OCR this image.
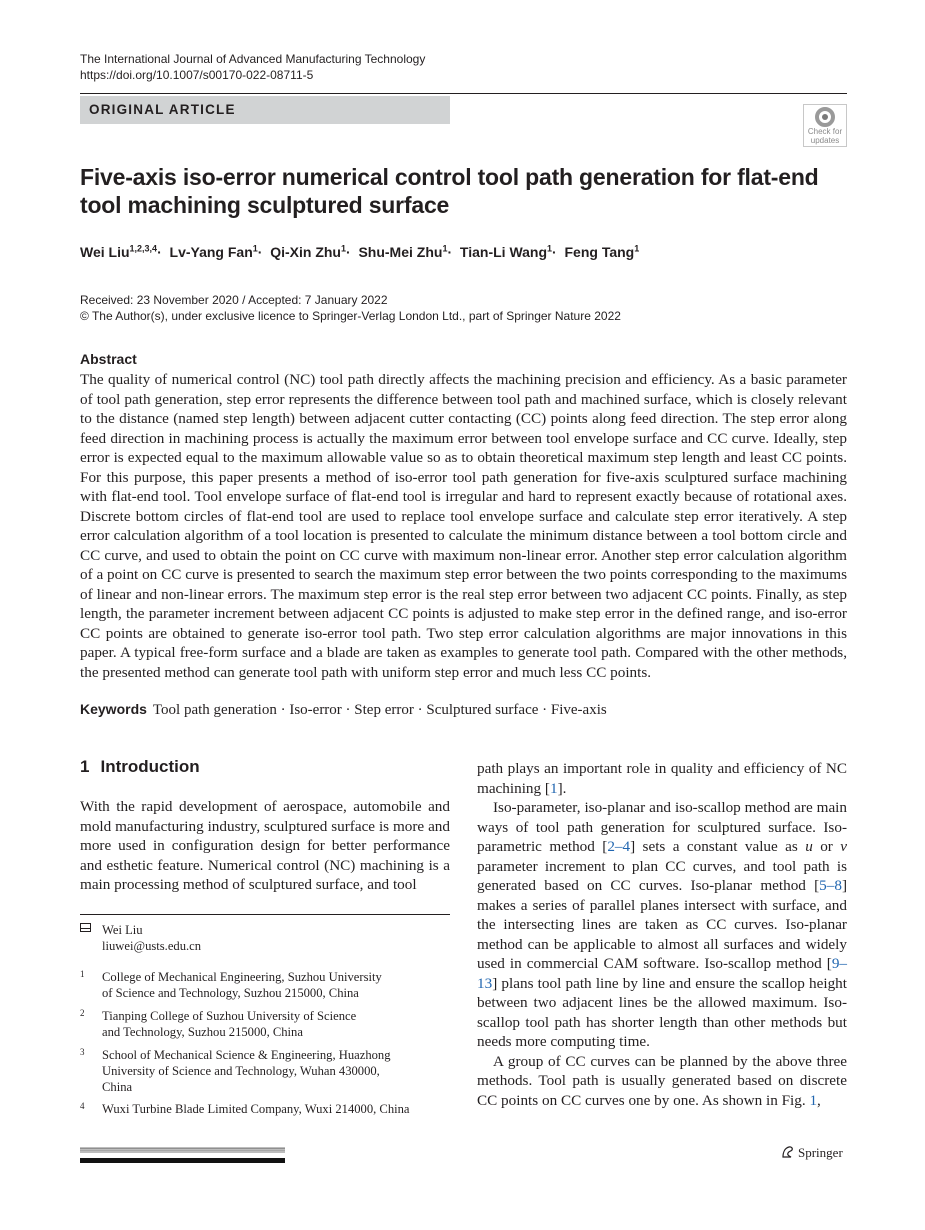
The International Journal of Advanced Manufacturing Technology
https://doi.org/10.1007/s00170-022-08711-5
ORIGINAL ARTICLE
Check for
updates
Five-axis iso-error numerical control tool path generation for flat-end tool machining sculptured surface
Wei Liu$^{1,2,3,4}$·  Lv-Yang Fan$^1$·  Qi-Xin Zhu$^1$·  Shu-Mei Zhu$^1$·  Tian-Li Wang$^1$·  Feng Tang$^1$
Received: 23 November 2020 / Accepted: 7 January 2022
© The Author(s), under exclusive licence to Springer-Verlag London Ltd., part of Springer Nature 2022
Abstract
The quality of numerical control (NC) tool path directly affects the machining precision and efficiency. As a basic parameter of tool path generation, step error represents the difference between tool path and machined surface, which is closely relevant to the distance (named step length) between adjacent cutter contacting (CC) points along feed direction. The step error along feed direction in machining process is actually the maximum error between tool envelope surface and CC curve. Ideally, step error is expected equal to the maximum allowable value so as to obtain theoretical maximum step length and least CC points. For this purpose, this paper presents a method of iso-error tool path generation for five-axis sculptured surface machining with flat-end tool. Tool envelope surface of flat-end tool is irregular and hard to represent exactly because of rotational axes. Discrete bottom circles of flat-end tool are used to replace tool envelope surface and calculate step error iteratively. A step error calculation algorithm of a tool location is presented to calculate the minimum distance between a tool bottom circle and CC curve, and used to obtain the point on CC curve with maximum non-linear error. Another step error calculation algorithm of a point on CC curve is presented to search the maximum step error between the two points corresponding to the maximums of linear and non-linear errors. The maximum step error is the real step error between two adjacent CC points. Finally, as step length, the parameter increment between adjacent CC points is adjusted to make step error in the defined range, and iso-error CC points are obtained to generate iso-error tool path. Two step error calculation algorithms are major innovations in this paper. A typical free-form surface and a blade are taken as examples to generate tool path. Compared with the other methods, the presented method can generate tool path with uniform step error and much less CC points.
Keywords Tool path generation · Iso-error · Step error · Sculptured surface · Five-axis
1 Introduction
With the rapid development of aerospace, automobile and mold manufacturing industry, sculptured surface is more and more used in configuration design for better performance and esthetic feature. Numerical control (NC) machining is a main processing method of sculptured surface, and tool

path plays an important role in quality and efficiency of NC machining [1].

Iso-parameter, iso-planar and iso-scallop method are main ways of tool path generation for sculptured surface. Iso-parametric method [2–4] sets a constant value as u or v parameter increment to plan CC curves, and tool path is generated based on CC curves. Iso-planar method [5–8] makes a series of parallel planes intersect with surface, and the intersecting lines are taken as CC curves. Iso-planar method can be applicable to almost all surfaces and widely used in commercial CAM software. Iso-scallop method [9–13] plans tool path line by line and ensure the scallop height between two adjacent lines be the allowed maximum. Iso-scallop tool path has shorter length than other methods but needs more computing time.

A group of CC curves can be planned by the above three methods. Tool path is usually generated based on discrete CC points on CC curves one by one. As shown in Fig. 1,

Wei Liu
liuwei@usts.edu.cn
1 College of Mechanical Engineering, Suzhou University
of Science and Technology, Suzhou 215000, China
2 Tianping College of Suzhou University of Science
and Technology, Suzhou 215000, China
3 School of Mechanical Science & Engineering, Huazhong
University of Science and Technology, Wuhan 430000,
China
4 Wuxi Turbine Blade Limited Company, Wuxi 214000, China
Springer
